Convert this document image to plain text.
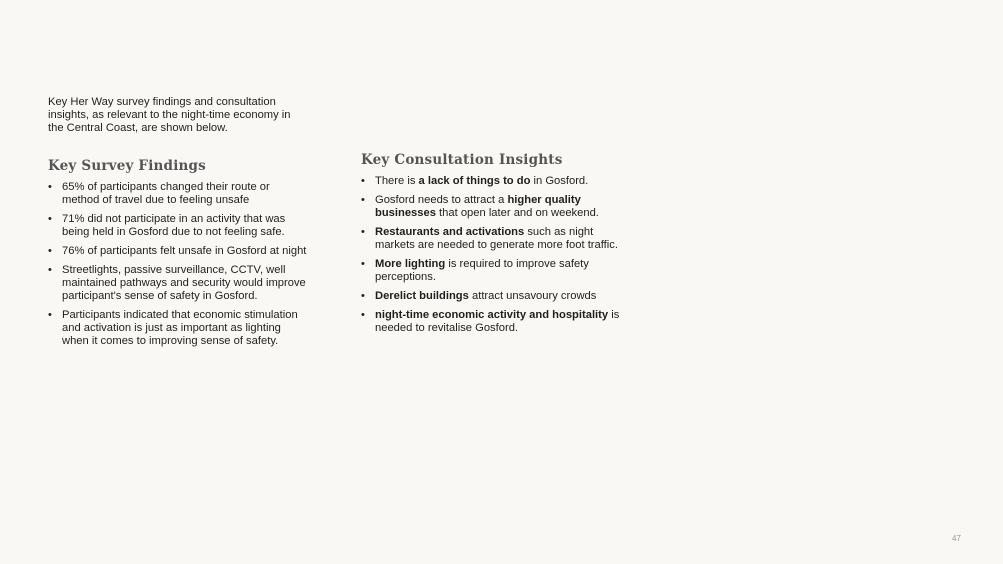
Key Her Way survey findings and consultation insights, as relevant to the night-time economy in the Central Coast, are shown below.

Key Survey Findings
• 65% of participants changed their route or method of travel due to feeling unsafe
• 71% did not participate in an activity that was being held in Gosford due to not feeling safe.
• 76% of participants felt unsafe in Gosford at night
• Streetlights, passive surveillance, CCTV, well maintained pathways and security would improve participant's sense of safety in Gosford.
• Participants indicated that economic stimulation and activation is just as important as lighting when it comes to improving sense of safety.
Key Consultation Insights
• There is a lack of things to do in Gosford.
• Gosford needs to attract a higher quality businesses that open later and on weekend.
• Restaurants and activations such as night markets are needed to generate more foot traffic.
• More lighting is required to improve safety perceptions.
• Derelict buildings attract unsavoury crowds
• night-time economic activity and hospitality is needed to revitalise Gosford.
47
